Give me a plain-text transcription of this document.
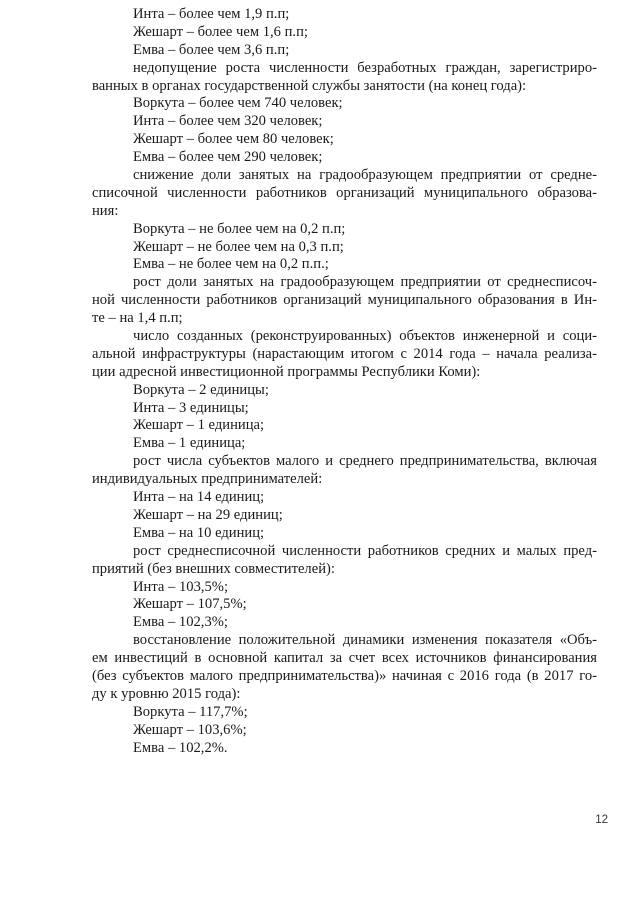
Инта – более чем 1,9 п.п;

Жешарт – более чем 1,6 п.п;

Емва – более чем 3,6 п.п;

недопущение роста численности безработных граждан, зарегистриро-

ванных в органах государственной службы занятости (на конец года):

Воркута – более чем 740 человек;

Инта – более чем 320 человек;

Жешарт – более чем 80 человек;

Емва – более чем 290 человек;

снижение доли занятых на градообразующем предприятии от средне-

списочной численности работников организаций муниципального образова-

ния:

Воркута – не более чем на 0,2 п.п;

Жешарт – не более чем на 0,3 п.п;

Емва – не более чем на 0,2 п.п.;

рост доли занятых на градообразующем предприятии от среднесписоч-

ной численности работников организаций муниципального образования в Ин-

те – на 1,4 п.п;

число созданных (реконструированных) объектов инженерной и соци-

альной инфраструктуры (нарастающим итогом с 2014 года – начала реализа-

ции адресной инвестиционной программы Республики Коми):

Воркута – 2 единицы;

Инта – 3 единицы;

Жешарт – 1 единица;

Емва – 1 единица;

рост числа субъектов малого и среднего предпринимательства, включая

индивидуальных предпринимателей:

Инта – на 14 единиц;

Жешарт – на 29 единиц;

Емва – на 10 единиц;

рост среднесписочной численности работников средних и малых пред-

приятий (без внешних совместителей):

Инта – 103,5%;

Жешарт – 107,5%;

Емва – 102,3%;

восстановление положительной динамики изменения показателя «Объ-

ем инвестиций в основной капитал за счет всех источников финансирования

(без субъектов малого предпринимательства)» начиная с 2016 года (в 2017 го-

ду к уровню 2015 года):

Воркута – 117,7%;

Жешарт – 103,6%;

Емва – 102,2%.

12
